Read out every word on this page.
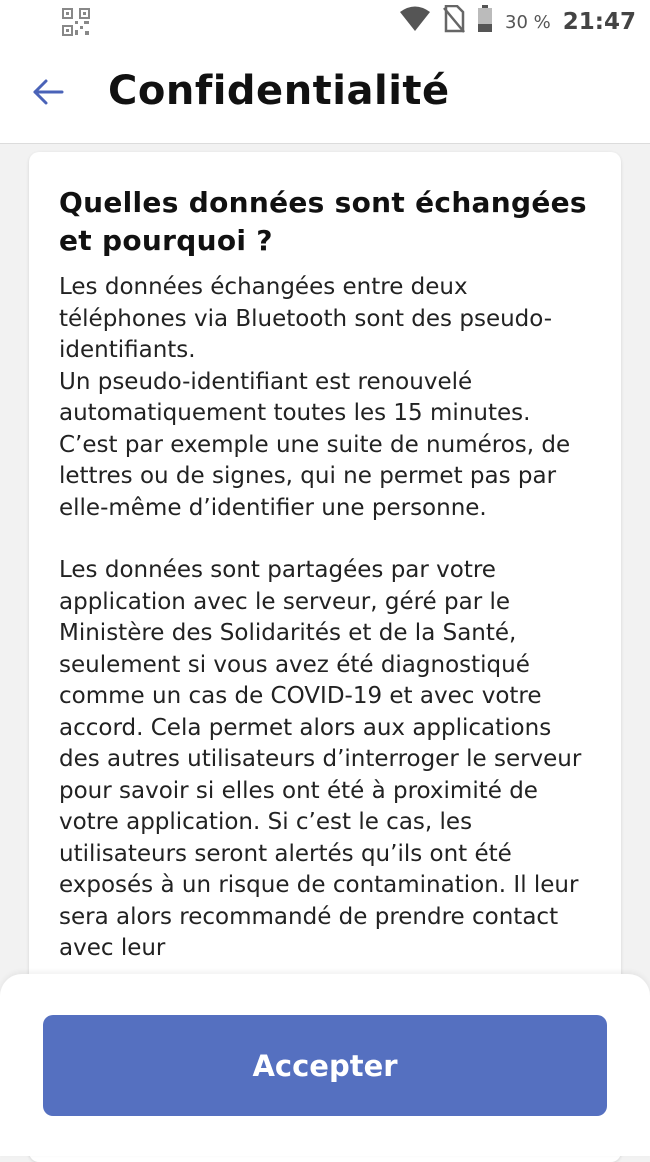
30 % 21:47
Confidentialité
Quelles données sont échangées et pourquoi ?

Les données échangées entre deux téléphones via Bluetooth sont des pseudo-identifiants.
Un pseudo-identifiant est renouvelé automatiquement toutes les 15 minutes. C’est par exemple une suite de numéros, de lettres ou de signes, qui ne permet pas par elle-même d’identifier une personne.

Les données sont partagées par votre application avec le serveur, géré par le Ministère des Solidarités et de la Santé, seulement si vous avez été diagnostiqué comme un cas de COVID-19 et avec votre accord. Cela permet alors aux applications des autres utilisateurs d’interroger le serveur pour savoir si elles ont été à proximité de votre application. Si c’est le cas, les utilisateurs seront alertés qu’ils ont été exposés à un risque de contamination. Il leur sera alors recommandé de prendre contact avec leur

Accepter
